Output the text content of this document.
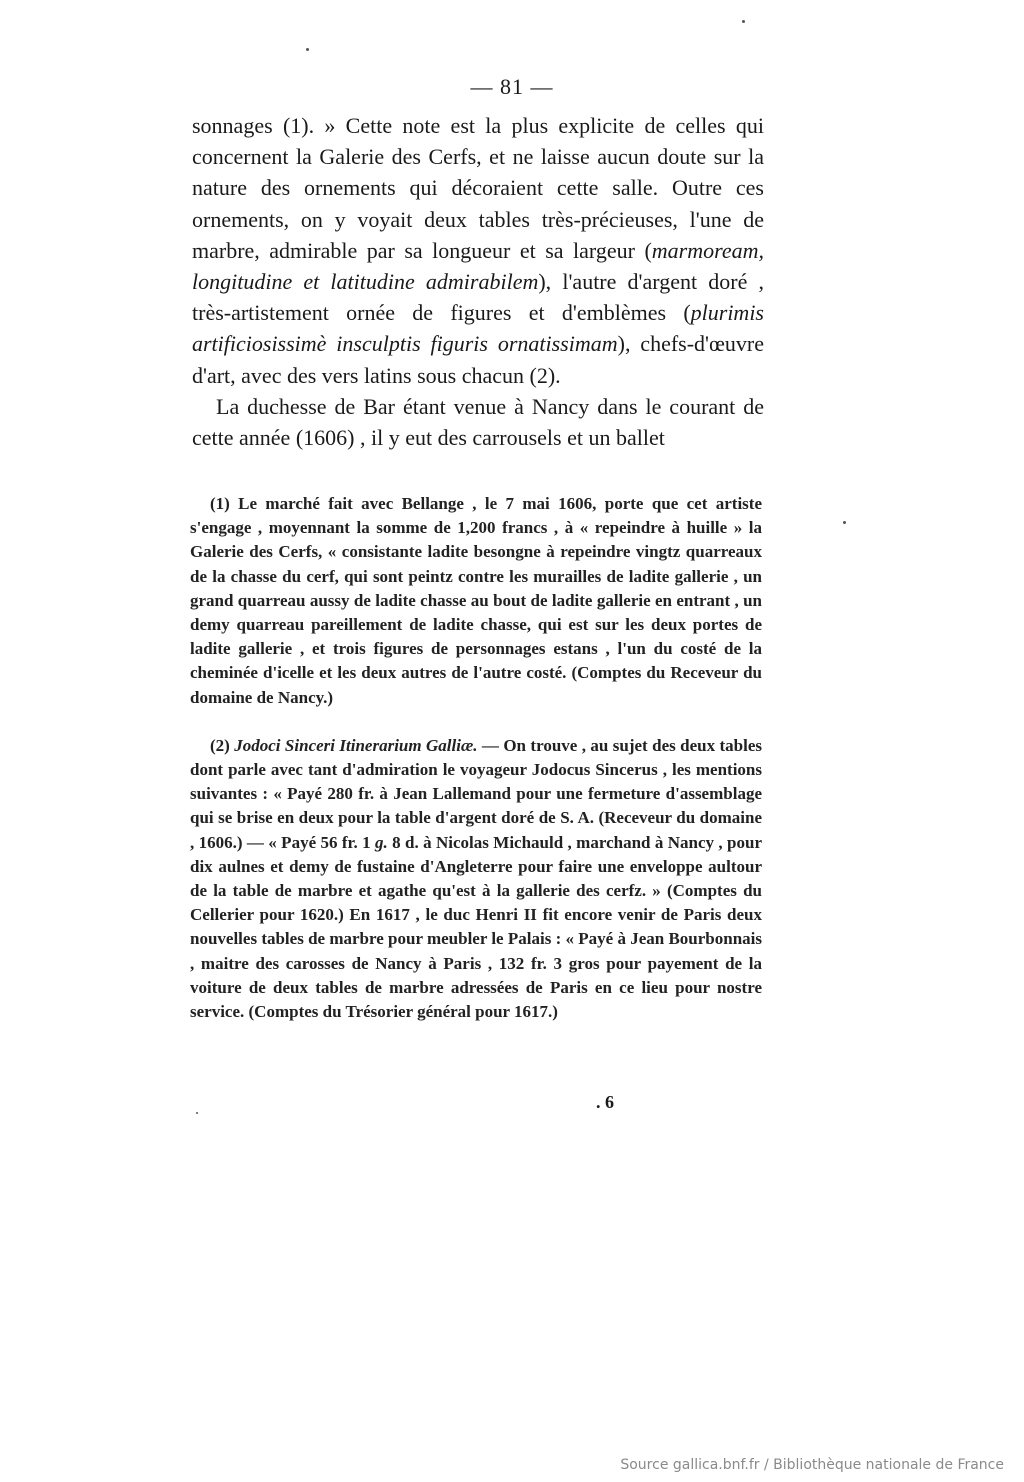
— 81 —

sonnages (1). » Cette note est la plus explicite de celles qui concernent la Galerie des Cerfs, et ne laisse aucun doute sur la nature des ornements qui décoraient cette salle. Outre ces ornements, on y voyait deux tables très-précieuses, l'une de marbre, admirable par sa longueur et sa largeur (marmoream, longitudine et latitudine admirabilem), l'autre d'argent doré , très-artistement ornée de figures et d'emblèmes (plurimis artificiosissimè insculptis figuris ornatissimam), chefs-d'œuvre d'art, avec des vers latins sous chacun (2).

La duchesse de Bar étant venue à Nancy dans le courant de cette année (1606) , il y eut des carrousels et un ballet

(1) Le marché fait avec Bellange , le 7 mai 1606, porte que cet artiste s'engage , moyennant la somme de 1,200 francs , à « repeindre à huille » la Galerie des Cerfs, « consistante ladite besongne à repeindre vingtz quarreaux de la chasse du cerf, qui sont peintz contre les murailles de ladite gallerie , un grand quarreau aussy de ladite chasse au bout de ladite gallerie en entrant , un demy quarreau pareillement de ladite chasse, qui est sur les deux portes de ladite gallerie , et trois figures de personnages estans , l'un du costé de la cheminée d'icelle et les deux autres de l'autre costé. (Comptes du Receveur du domaine de Nancy.)

(2) Jodoci Sinceri Itinerarium Galliæ. — On trouve , au sujet des deux tables dont parle avec tant d'admiration le voyageur Jodocus Sincerus , les mentions suivantes : « Payé 280 fr. à Jean Lallemand pour une fermeture d'assemblage qui se brise en deux pour la table d'argent doré de S. A. (Receveur du domaine , 1606.) — « Payé 56 fr. 1 g. 8 d. à Nicolas Michauld , marchand à Nancy , pour dix aulnes et demy de fustaine d'Angleterre pour faire une enveloppe aultour de la table de marbre et agathe qu'est à la gallerie des cerfz. » (Comptes du Cellerier pour 1620.) En 1617 , le duc Henri II fit encore venir de Paris deux nouvelles tables de marbre pour meubler le Palais : « Payé à Jean Bourbonnais , maitre des carosses de Nancy à Paris , 132 fr. 3 gros pour payement de la voiture de deux tables de marbre adressées de Paris en ce lieu pour nostre service. (Comptes du Trésorier général pour 1617.)

. 6
Source gallica.bnf.fr / Bibliothèque nationale de France
